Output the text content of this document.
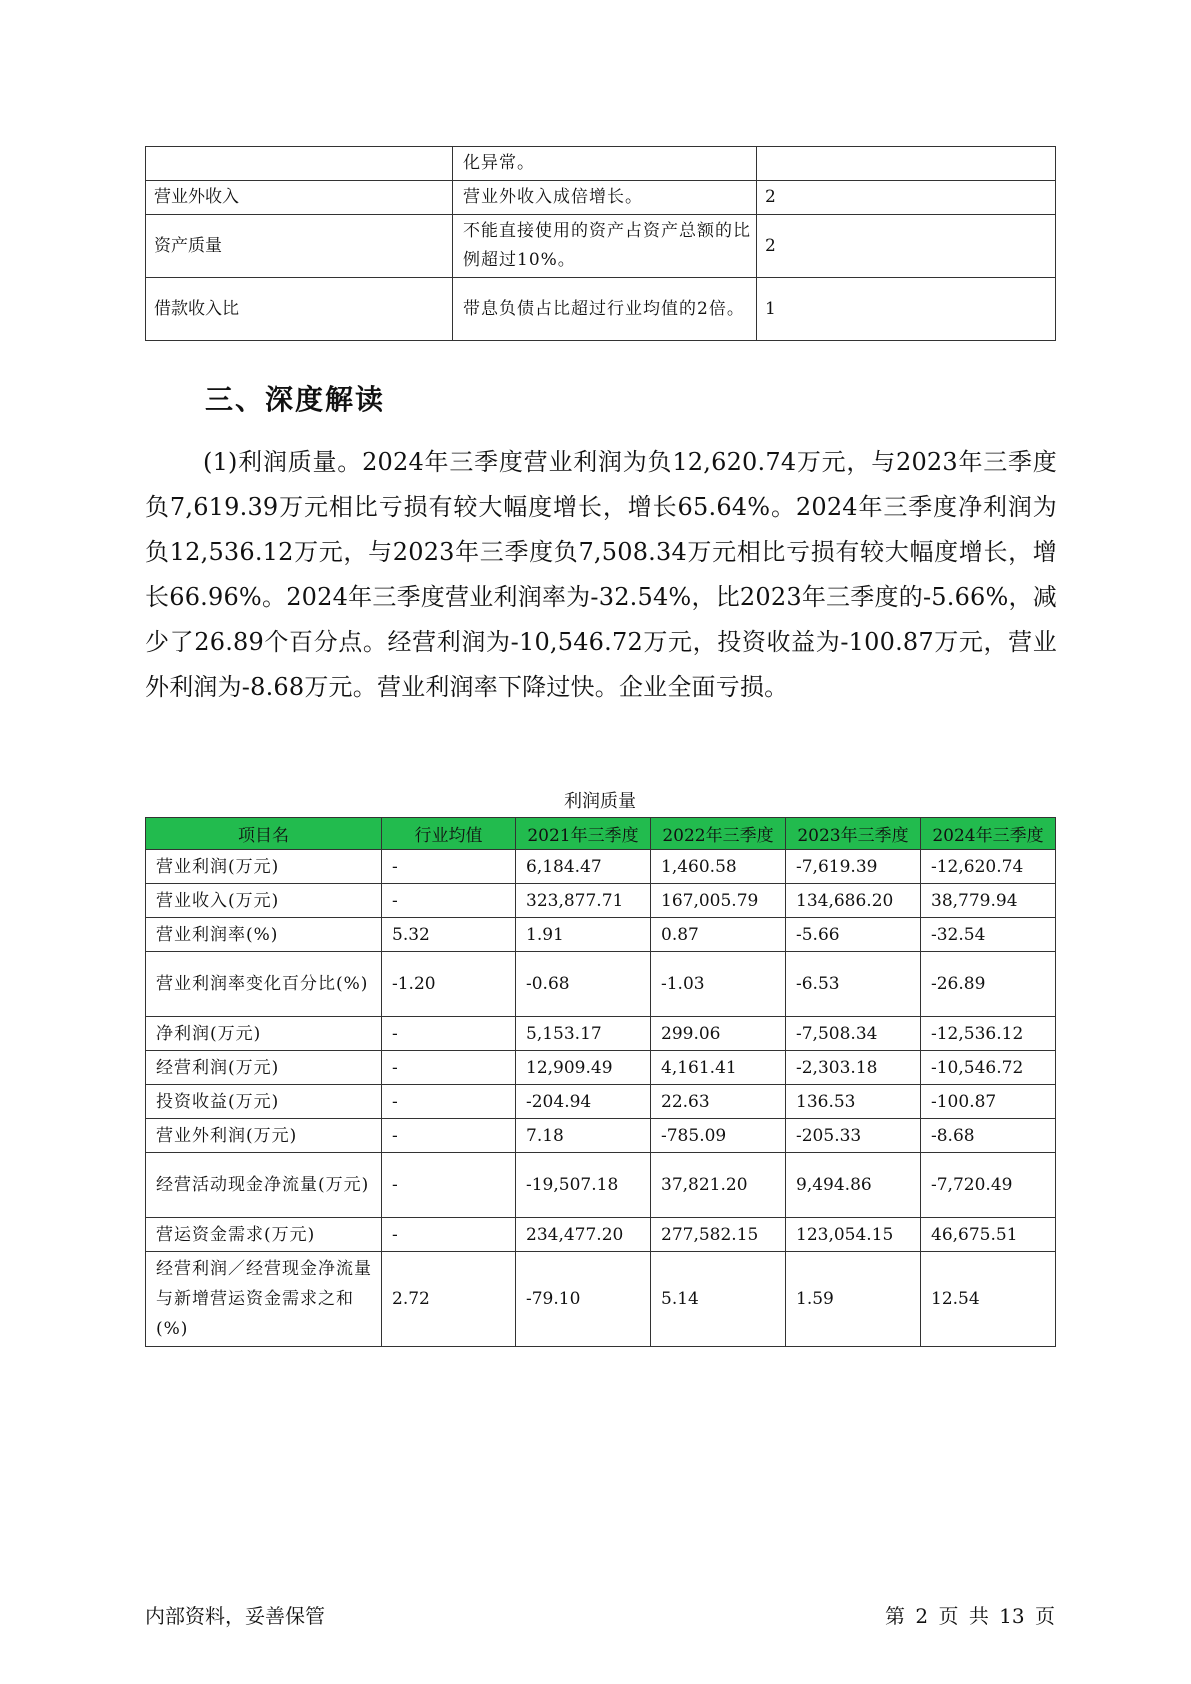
	化异常。	
营业外收入	营业外收入成倍增长。	2
资产质量	不能直接使用的资产占资产总额的比例超过10%。	2
借款收入比	带息负债占比超过行业均值的2倍。	1
三、深度解读

(1)利润质量。2024年三季度营业利润为负12,620.74万元，与2023年三季度负7,619.39万元相比亏损有较大幅度增长，增长65.64%。2024年三季度净利润为负12,536.12万元，与2023年三季度负7,508.34万元相比亏损有较大幅度增长，增长66.96%。2024年三季度营业利润率为-32.54%，比2023年三季度的-5.66%，减少了26.89个百分点。经营利润为-10,546.72万元，投资收益为-100.87万元，营业外利润为-8.68万元。营业利润率下降过快。企业全面亏损。

利润质量
项目名	行业均值	2021年三季度	2022年三季度	2023年三季度	2024年三季度
营业利润(万元)	-	6,184.47	1,460.58	-7,619.39	-12,620.74
营业收入(万元)	-	323,877.71	167,005.79	134,686.20	38,779.94
营业利润率(%)	5.32	1.91	0.87	-5.66	-32.54
营业利润率变化百分比(%)	-1.20	-0.68	-1.03	-6.53	-26.89
净利润(万元)	-	5,153.17	299.06	-7,508.34	-12,536.12
经营利润(万元)	-	12,909.49	4,161.41	-2,303.18	-10,546.72
投资收益(万元)	-	-204.94	22.63	136.53	-100.87
营业外利润(万元)	-	7.18	-785.09	-205.33	-8.68
经营活动现金净流量(万元)	-	-19,507.18	37,821.20	9,494.86	-7,720.49
营运资金需求(万元)	-	234,477.20	277,582.15	123,054.15	46,675.51
经营利润／经营现金净流量与新增营运资金需求之和(%)	2.72	-79.10	5.14	1.59	12.54
内部资料，妥善保管	第 2 页 共 13 页
